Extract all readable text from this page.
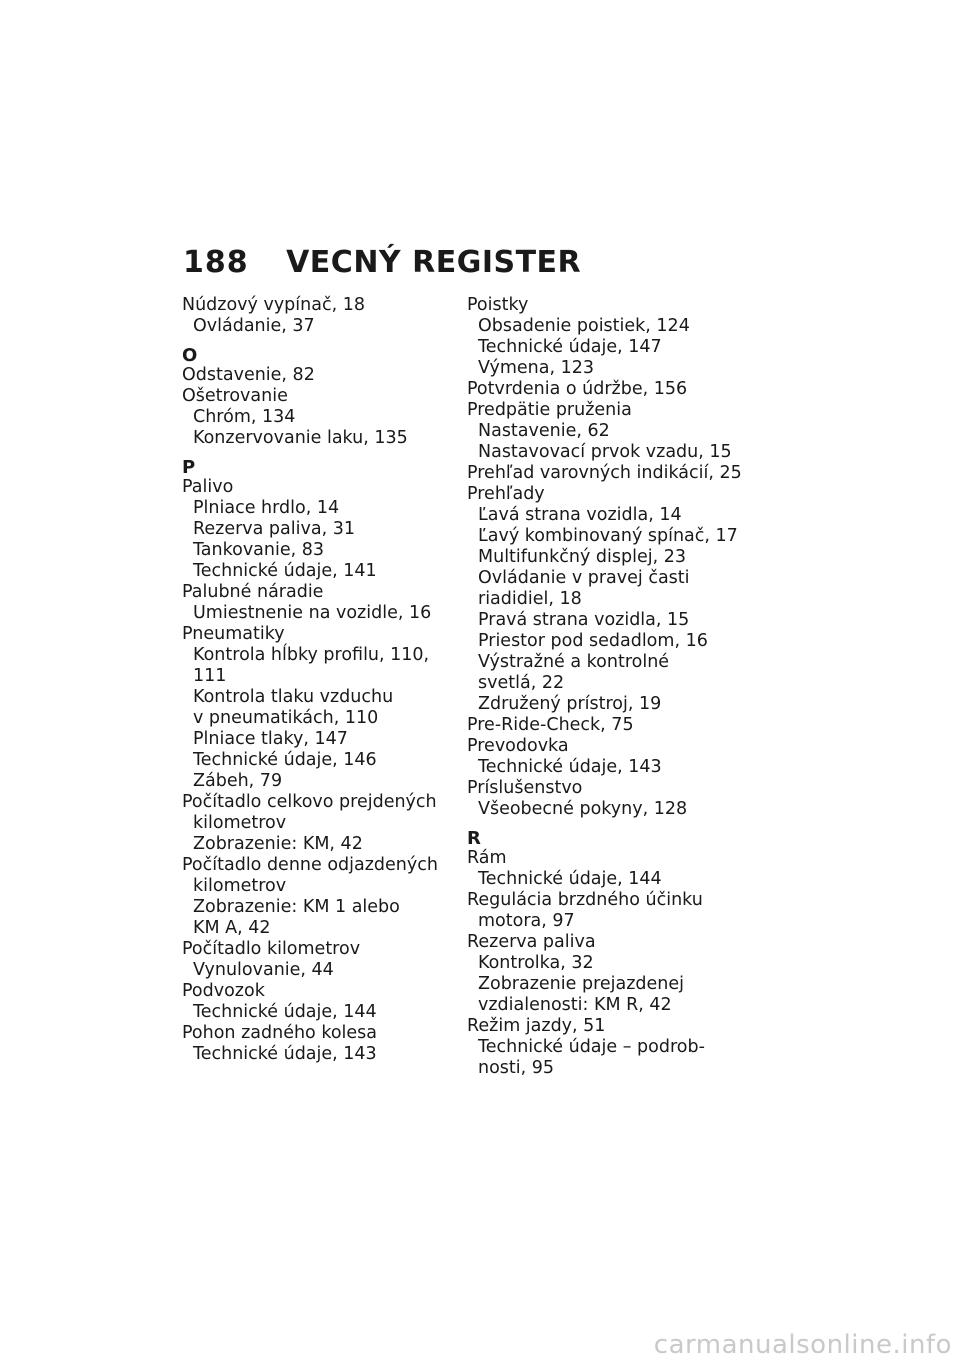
188 VECNÝ REGISTER
Núdzový vypínač, 18
Ovládanie, 37
O
Odstavenie, 82
Ošetrovanie
Chróm, 134
Konzervovanie laku, 135
P
Palivo
Plniace hrdlo, 14
Rezerva paliva, 31
Tankovanie, 83
Technické údaje, 141
Palubné náradie
Umiestnenie na vozidle, 16
Pneumatiky
Kontrola hĺbky profilu, 110,
111
Kontrola tlaku vzduchu
v pneumatikách, 110
Plniace tlaky, 147
Technické údaje, 146
Zábeh, 79
Počítadlo celkovo prejdených
kilometrov
Zobrazenie: KM, 42
Počítadlo denne odjazdených
kilometrov
Zobrazenie: KM 1 alebo
KM A, 42
Počítadlo kilometrov
Vynulovanie, 44
Podvozok
Technické údaje, 144
Pohon zadného kolesa
Technické údaje, 143
Poistky
Obsadenie poistiek, 124
Technické údaje, 147
Výmena, 123
Potvrdenia o údržbe, 156
Predpätie pruženia
Nastavenie, 62
Nastavovací prvok vzadu, 15
Prehľad varovných indikácií, 25
Prehľady
Ľavá strana vozidla, 14
Ľavý kombinovaný spínač, 17
Multifunkčný displej, 23
Ovládanie v pravej časti
riadidiel, 18
Pravá strana vozidla, 15
Priestor pod sedadlom, 16
Výstražné a kontrolné
svetlá, 22
Združený prístroj, 19
Pre-Ride-Check, 75
Prevodovka
Technické údaje, 143
Príslušenstvo
Všeobecné pokyny, 128
R
Rám
Technické údaje, 144
Regulácia brzdného účinku
motora, 97
Rezerva paliva
Kontrolka, 32
Zobrazenie prejazdenej
vzdialenosti: KM R, 42
Režim jazdy, 51
Technické údaje – podrob-
nosti, 95
carmanualsonline.info
